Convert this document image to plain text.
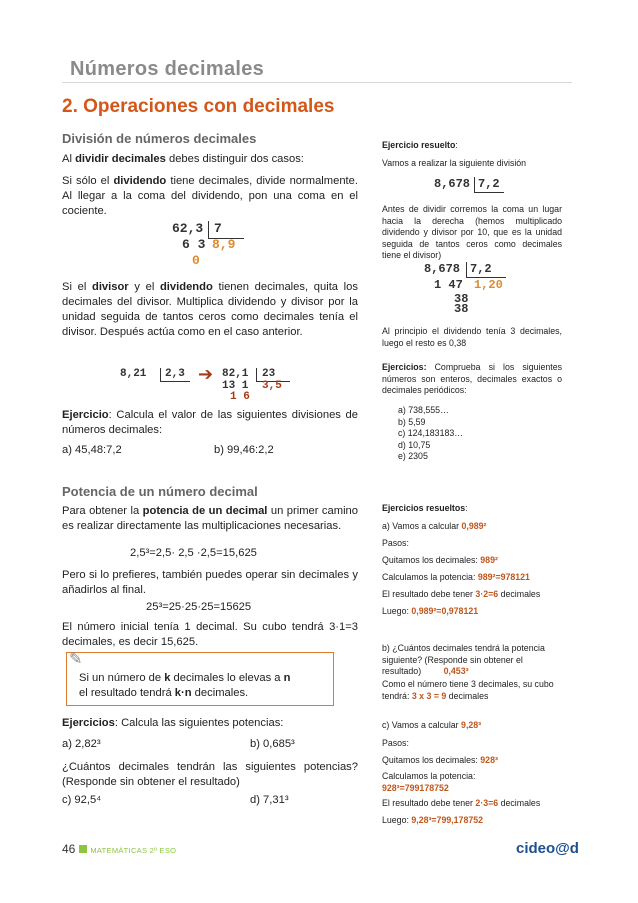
Números decimales
2. Operaciones con decimales
División de números decimales
Al dividir decimales debes distinguir dos casos:
Si sólo el dividendo tiene decimales, divide normalmente. Al llegar a la coma del dividendo, pon una coma en el cociente.
62,3 7
6 3 8,9
0
Si el divisor y el dividendo tienen decimales, quita los decimales del divisor. Multiplica dividendo y divisor por la unidad seguida de tantos ceros como decimales tenía el divisor. Después actúa como en el caso anterior.
8,21 2,3 ➔ 82,1 23
13 1 3,5
1 6
Ejercicio: Calcula el valor de las siguientes divisiones de números decimales:
a) 45,48:7,2	b) 99,46:2,2
Potencia de un número decimal
Para obtener la potencia de un decimal un primer camino es realizar directamente las multiplicaciones necesarias.
2,5³=2,5· 2,5 ·2,5=15,625
Pero si lo prefieres, también puedes operar sin decimales y añadirlos al final.
25³=25·25·25=15625
El número inicial tenía 1 decimal. Su cubo tendrá 3·1=3 decimales, es decir 15,625.
✎
Si un número de k decimales lo elevas a n
el resultado tendrá k·n decimales.
Ejercicios: Calcula las siguientes potencias:
a) 2,82³	b) 0,685³
¿Cuántos decimales tendrán las siguientes potencias? (Responde sin obtener el resultado)
c) 92,5⁴	d) 7,31³
Ejercicio resuelto:
Vamos a realizar la siguiente división
8,678 7,2
Antes de dividir corremos la coma un lugar hacia la derecha (hemos multiplicado dividendo y divisor por 10, que es la unidad seguida de tantos ceros como decimales tiene el divisor)
8,678 7,2
1 47 1,20
38
38
Al principio el dividendo tenía 3 decimales, luego el resto es 0,38
Ejercicios: Comprueba si los siguientes números son enteros, decimales exactos o decimales periódicos:
a) 738,555…
b) 5,59
c) 124,183183…
d) 10,75
e) 2305
Ejercicios resueltos:
a) Vamos a calcular 0,989²
Pasos:
Quitamos los decimales: 989²
Calculamos la potencia: 989²=978121
El resultado debe tener 3·2=6 decimales
Luego: 0,989²=0,978121
b) ¿Cuántos decimales tendrá la potencia siguiente? (Responde sin obtener el resultado)	0,453³
Como el número tiene 3 decimales, su cubo tendrá: 3 x 3 = 9 decimales
c) Vamos a calcular 9,28³
Pasos:
Quitamos los decimales: 928³
Calculamos la potencia:
928³=799178752
El resultado debe tener 2·3=6 decimales
Luego: 9,28³=799,178752
46 MATEMÁTICAS 2º ESO	cideo@d
